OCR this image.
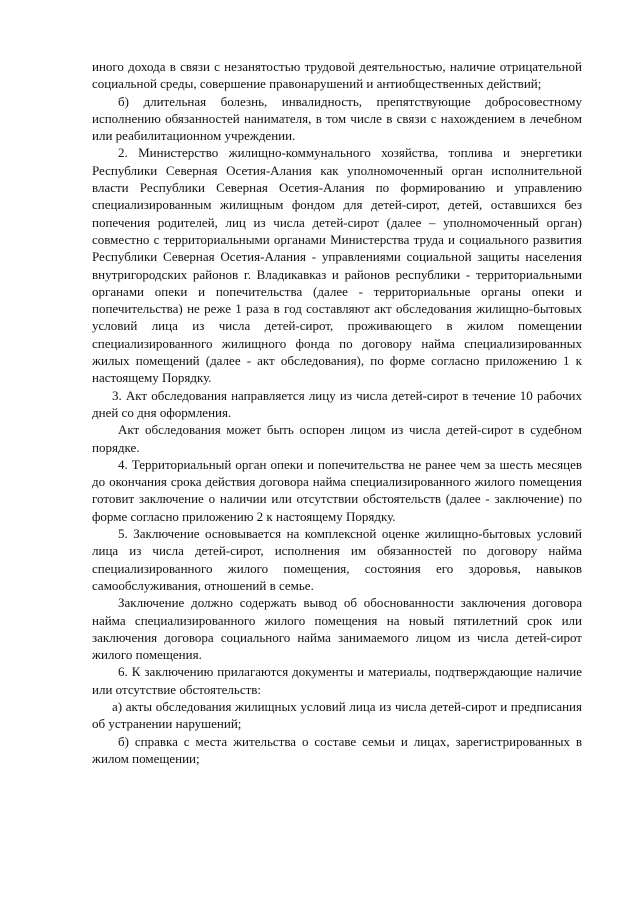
иного дохода в связи с незанятостью трудовой деятельностью, наличие отрицательной социальной среды, совершение правонарушений и антиобщественных действий;

б) длительная болезнь, инвалидность, препятствующие добросовестному исполнению обязанностей нанимателя, в том числе в связи с нахождением в лечебном или реабилитационном учреждении.

2. Министерство жилищно-коммунального хозяйства, топлива и энергетики Республики Северная Осетия-Алания как уполномоченный орган исполнительной власти Республики Северная Осетия-Алания по формированию и управлению специализированным жилищным фондом для детей-сирот, детей, оставшихся без попечения родителей, лиц из числа детей-сирот (далее – уполномоченный орган) совместно с территориальными органами Министерства труда и социального развития Республики Северная Осетия-Алания - управлениями социальной защиты населения внутригородских районов г. Владикавказ и районов республики - территориальными органами опеки и попечительства (далее - территориальные органы опеки и попечительства) не реже 1 раза в год составляют акт обследования жилищно-бытовых условий лица из числа детей-сирот, проживающего в жилом помещении специализированного жилищного фонда по договору найма специализированных жилых помещений (далее - акт обследования), по форме согласно приложению 1 к настоящему Порядку.

3. Акт обследования направляется лицу из числа детей-сирот в течение 10 рабочих дней со дня оформления.

Акт обследования может быть оспорен лицом из числа детей-сирот в судебном порядке.

4. Территориальный орган опеки и попечительства не ранее чем за шесть месяцев до окончания срока действия договора найма специализированного жилого помещения готовит заключение о наличии или отсутствии обстоятельств (далее - заключение) по форме согласно приложению 2 к настоящему Порядку.

5. Заключение основывается на комплексной оценке жилищно-бытовых условий лица из числа детей-сирот, исполнения им обязанностей по договору найма специализированного жилого помещения, состояния его здоровья, навыков самообслуживания, отношений в семье.

Заключение должно содержать вывод об обоснованности заключения договора найма специализированного жилого помещения на новый пятилетний срок или заключения договора социального найма занимаемого лицом из числа детей-сирот жилого помещения.

6. К заключению прилагаются документы и материалы, подтверждающие наличие или отсутствие обстоятельств:

а) акты обследования жилищных условий лица из числа детей-сирот и предписания об устранении нарушений;

б) справка с места жительства о составе семьи и лицах, зарегистрированных в жилом помещении;
